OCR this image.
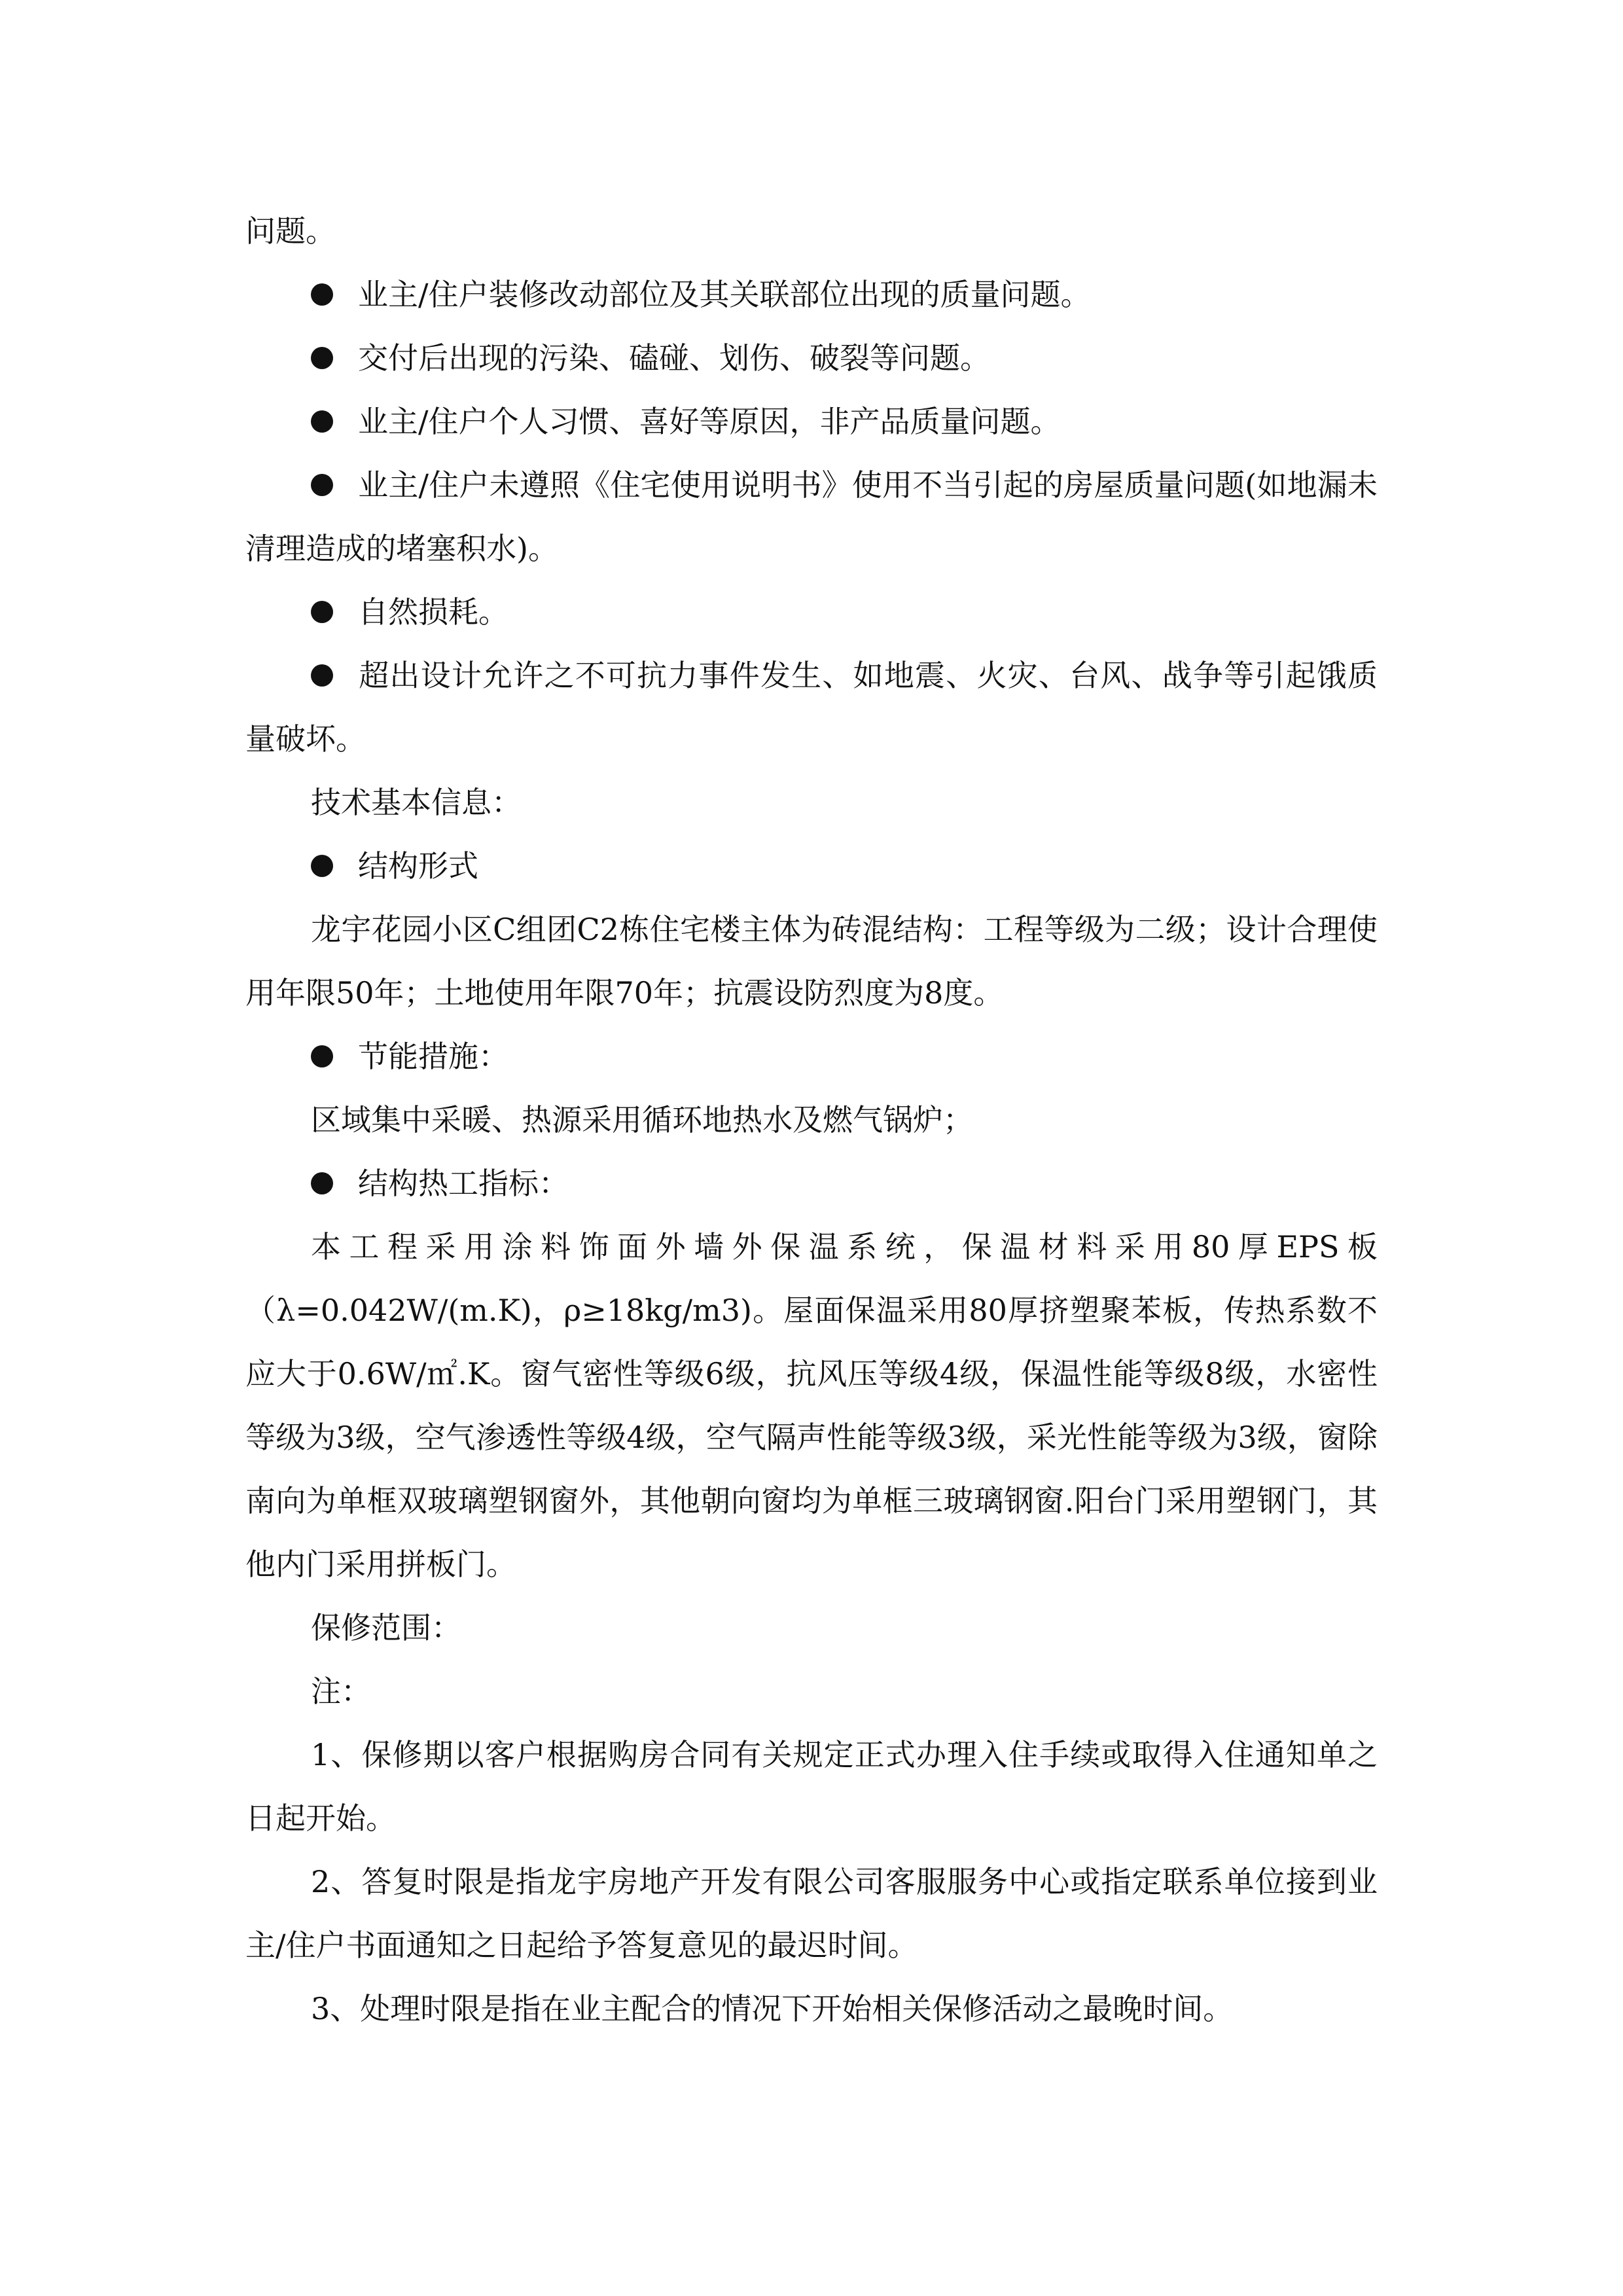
问题。

业主/住户装修改动部位及其关联部位出现的质量问题。

交付后出现的污染、磕碰、划伤、破裂等问题。

业主/住户个人习惯、喜好等原因，非产品质量问题。

业主/住户未遵照《住宅使用说明书》使用不当引起的房屋质量问题(如地漏未清理造成的堵塞积水)。

自然损耗。

超出设计允许之不可抗力事件发生、如地震、火灾、台风、战争等引起饿质量破坏。

技术基本信息：

结构形式

龙宇花园小区C组团C2栋住宅楼主体为砖混结构：工程等级为二级；设计合理使用年限50年；土地使用年限70年；抗震设防烈度为8度。

节能措施：

区域集中采暖、热源采用循环地热水及燃气锅炉；

结构热工指标：

本工程采用涂料饰面外墙外保温系统，保温材料采用80厚EPS板（λ=0.042W/(m.K)，ρ≥18kg/m3)。屋面保温采用80厚挤塑聚苯板，传热系数不应大于0.6W/㎡.K。窗气密性等级6级，抗风压等级4级，保温性能等级8级，水密性等级为3级，空气渗透性等级4级，空气隔声性能等级3级，采光性能等级为3级，窗除南向为单框双玻璃塑钢窗外，其他朝向窗均为单框三玻璃钢窗.阳台门采用塑钢门，其他内门采用拼板门。

保修范围：

注：

1、保修期以客户根据购房合同有关规定正式办理入住手续或取得入住通知单之日起开始。

2、答复时限是指龙宇房地产开发有限公司客服服务中心或指定联系单位接到业主/住户书面通知之日起给予答复意见的最迟时间。

3、处理时限是指在业主配合的情况下开始相关保修活动之最晚时间。
